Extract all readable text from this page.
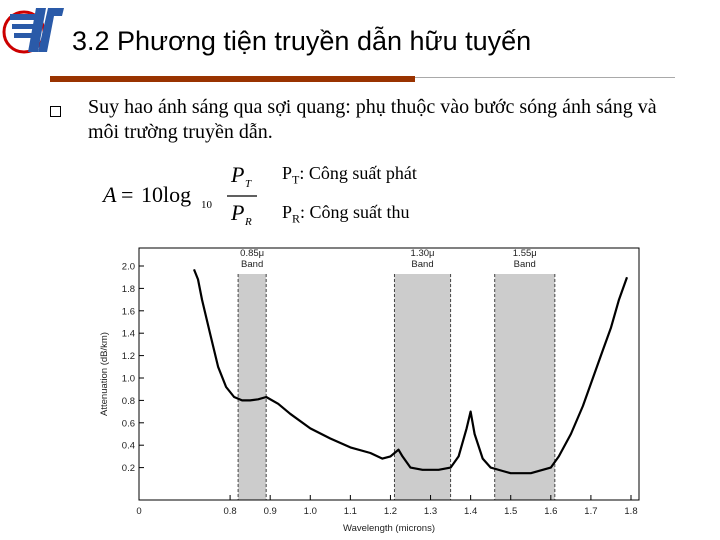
3.2 Phương tiện truyền dẫn hữu tuyến
Suy hao ánh sáng qua sợi quang: phụ thuộc vào bước sóng ánh sáng và môi trường truyền dẫn.
A = 10 log 10
P T
P R
$P_T$: Công suất phát
$P_R$: Công suất thu
0.85μ
Band
1.30μ
Band
1.55μ
Band
0.2
0.4
0.6
0.8
1.0
1.2
1.4
1.6
1.8
2.0
0	0.8	0.9	1.0	1.1	1.2	1.3	1.4	1.5	1.6	1.7	1.8
Wavelength (microns)
Attenuation (dB/km)
